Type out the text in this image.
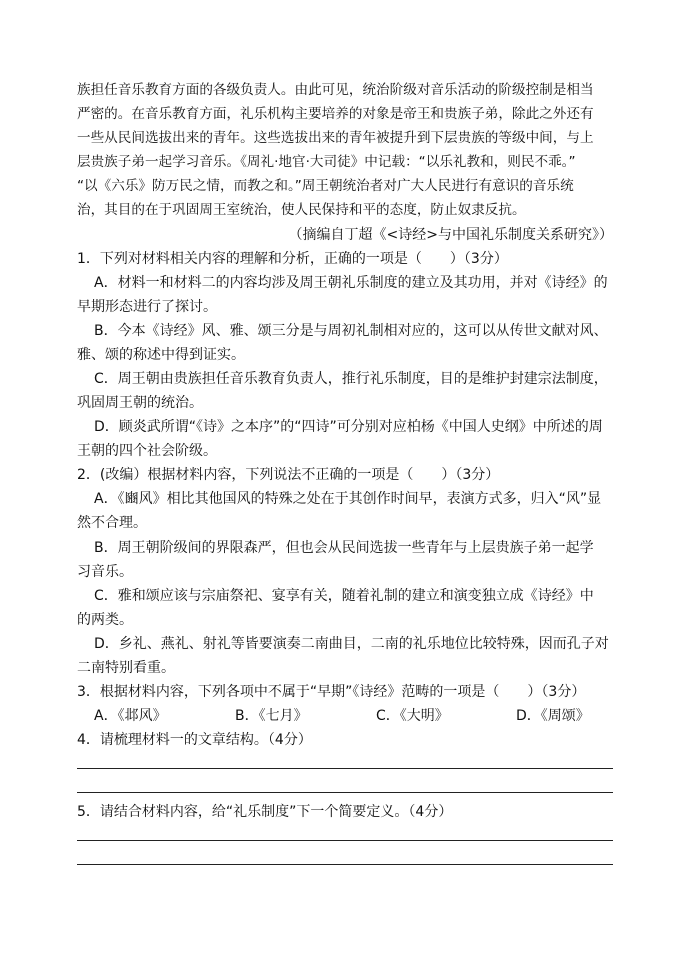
族担任音乐教育方面的各级负责人。由此可见，统治阶级对音乐活动的阶级控制是相当
严密的。在音乐教育方面，礼乐机构主要培养的对象是帝王和贵族子弟，除此之外还有
一些从民间选拔出来的青年。这些选拔出来的青年被提升到下层贵族的等级中间，与上
层贵族子弟一起学习音乐。《周礼·地官·大司徒》中记载：“以乐礼教和，则民不乖。”
“以《六乐》防万民之情，而教之和。”周王朝统治者对广大人民进行有意识的音乐统
治，其目的在于巩固周王室统治，使人民保持和平的态度，防止奴隶反抗。
（摘编自丁超《<诗经>与中国礼乐制度关系研究》）
1．下列对材料相关内容的理解和分析，正确的一项是（　　）（3分）
A．材料一和材料二的内容均涉及周王朝礼乐制度的建立及其功用，并对《诗经》的
早期形态进行了探讨。
B．今本《诗经》风、雅、颂三分是与周初礼制相对应的，这可以从传世文献对风、
雅、颂的称述中得到证实。
C．周王朝由贵族担任音乐教育负责人，推行礼乐制度，目的是维护封建宗法制度，
巩固周王朝的统治。
D．顾炎武所谓“《诗》之本序”的“四诗”可分别对应柏杨《中国人史纲》中所述的周
王朝的四个社会阶级。
2．(改编）根据材料内容，下列说法不正确的一项是（　　）（3分）
A．《豳风》相比其他国风的特殊之处在于其创作时间早，表演方式多，归入“风”显
然不合理。
B．周王朝阶级间的界限森严，但也会从民间选拔一些青年与上层贵族子弟一起学
习音乐。
C．雅和颂应该与宗庙祭祀、宴享有关，随着礼制的建立和演变独立成《诗经》中
的两类。
D．乡礼、燕礼、射礼等皆要演奏二南曲目，二南的礼乐地位比较特殊，因而孔子对
二南特别看重。
3．根据材料内容，下列各项中不属于“早期”《诗经》范畴的一项是（　　）（3分）
A．《邶风》	B．《七月》	C．《大明》	D．《周颂》
4．请梳理材料一的文章结构。（4分）
5．请结合材料内容，给“礼乐制度”下一个简要定义。（4分）
